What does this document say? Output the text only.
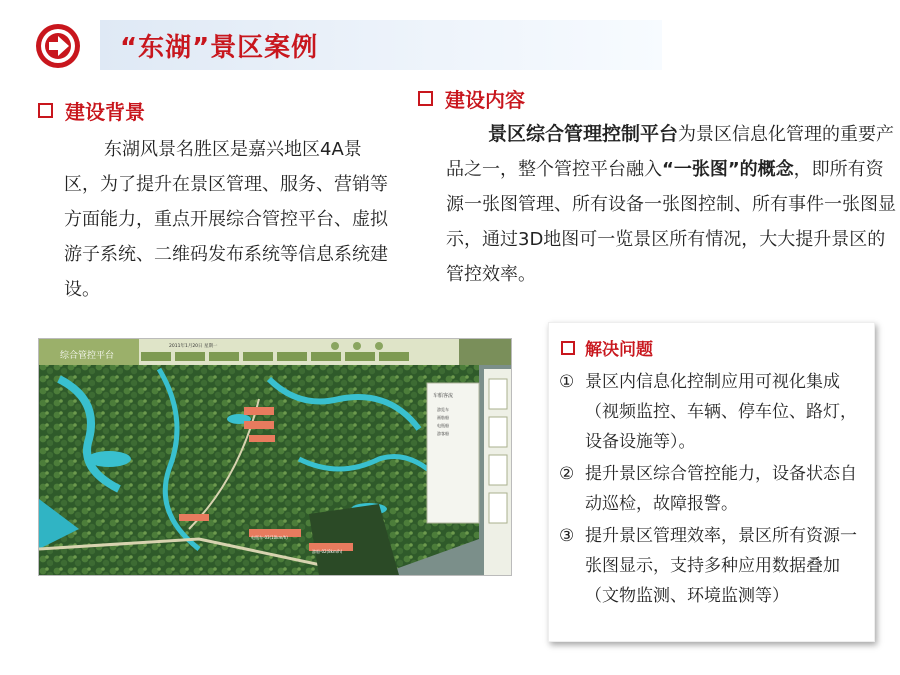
“东湖”景区案例
建设背景
东湖风景名胜区是嘉兴地区4A景区，为了提升在景区管理、服务、营销等方面能力，重点开展综合管控平台、虚拟游子系统、二维码发布系统等信息系统建设。
建设内容
景区综合管理控制平台为景区信息化管理的重要产品之一，整个管控平台融入“一张图”的概念，即所有资源一张图管理、所有设备一张图控制、所有事件一张图显示，通过3D地图可一览景区所有情况，大大提升景区的管控效率。
综合管控平台
2011年1月20日 星期一
电瓶车-03(10km/h)
游船-02(8km/h)
车船客流
游览车
画舫船
电瓶船
游客船
解决问题
① 景区内信息化控制应用可视化集成（视频监控、车辆、停车位、路灯，设备设施等）。
② 提升景区综合管控能力，设备状态自动巡检，故障报警。
③ 提升景区管理效率，景区所有资源一张图显示，支持多种应用数据叠加（文物监测、环境监测等）
